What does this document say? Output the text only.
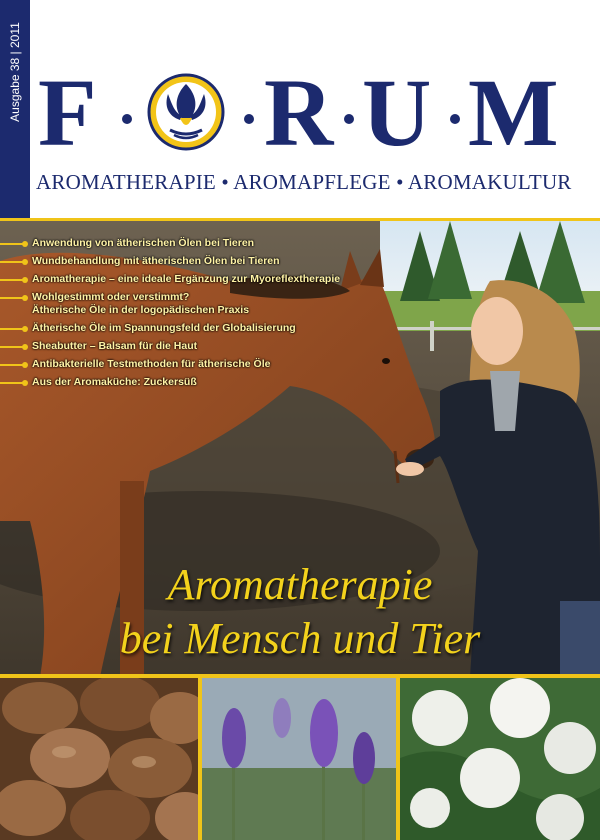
Ausgabe 38 | 2011 F R U M
AROMATHERAPIE • AROMAPFLEGE • AROMAKULTUR
Anwendung von ätherischen Ölen bei Tieren
Wundbehandlung mit ätherischen Ölen bei Tieren
Aromatherapie – eine ideale Ergänzung zur Myoreflextherapie
Wohlgestimmt oder verstimmt?
Ätherische Öle in der logopädischen Praxis
Ätherische Öle im Spannungsfeld der Globalisierung
Sheabutter – Balsam für die Haut
Antibakterielle Testmethoden für ätherische Öle
Aus der Aromaküche: Zuckersüß
Aromatherapie
bei Mensch und Tier
